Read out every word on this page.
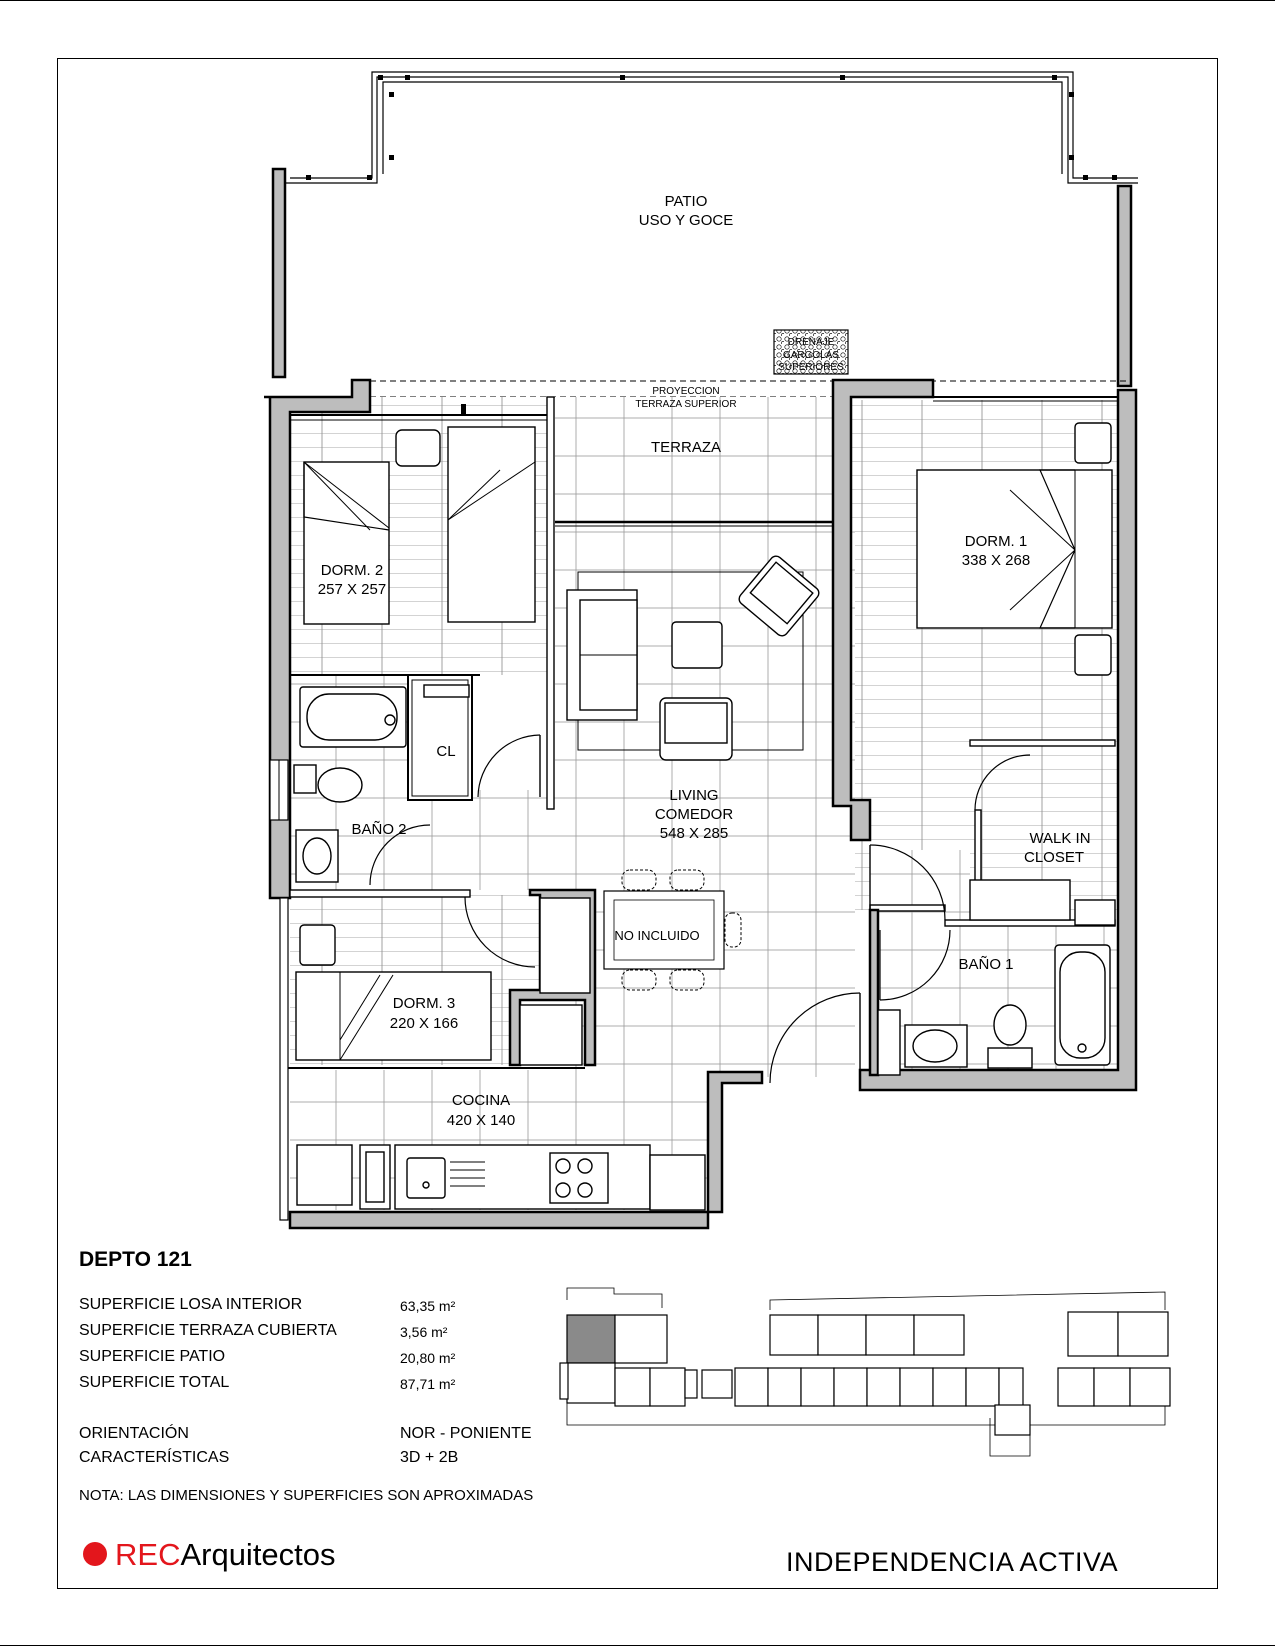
PATIO
USO Y GOCE
DRENAJE
GARGOLAS
SUPERIORES
PROYECCION
TERRAZA SUPERIOR
TERRAZA
DORM. 2
257 X 257
DORM. 1
338 X 268
CL
LIVING
COMEDOR
548 X 285
BAÑO 2
WALK IN
CLOSET
NO INCLUIDO
BAÑO 1
DORM. 3
220 X 166
COCINA
420 X 140
DEPTO 121
SUPERFICIE LOSA INTERIOR	63,35 m²
SUPERFICIE TERRAZA CUBIERTA	3,56 m²
SUPERFICIE PATIO	20,80 m²
SUPERFICIE TOTAL	87,71 m²
ORIENTACIÓN	NOR - PONIENTE
CARACTERÍSTICAS	3D + 2B
NOTA: LAS DIMENSIONES Y SUPERFICIES SON APROXIMADAS
RECArquitectos	INDEPENDENCIA ACTIVA
